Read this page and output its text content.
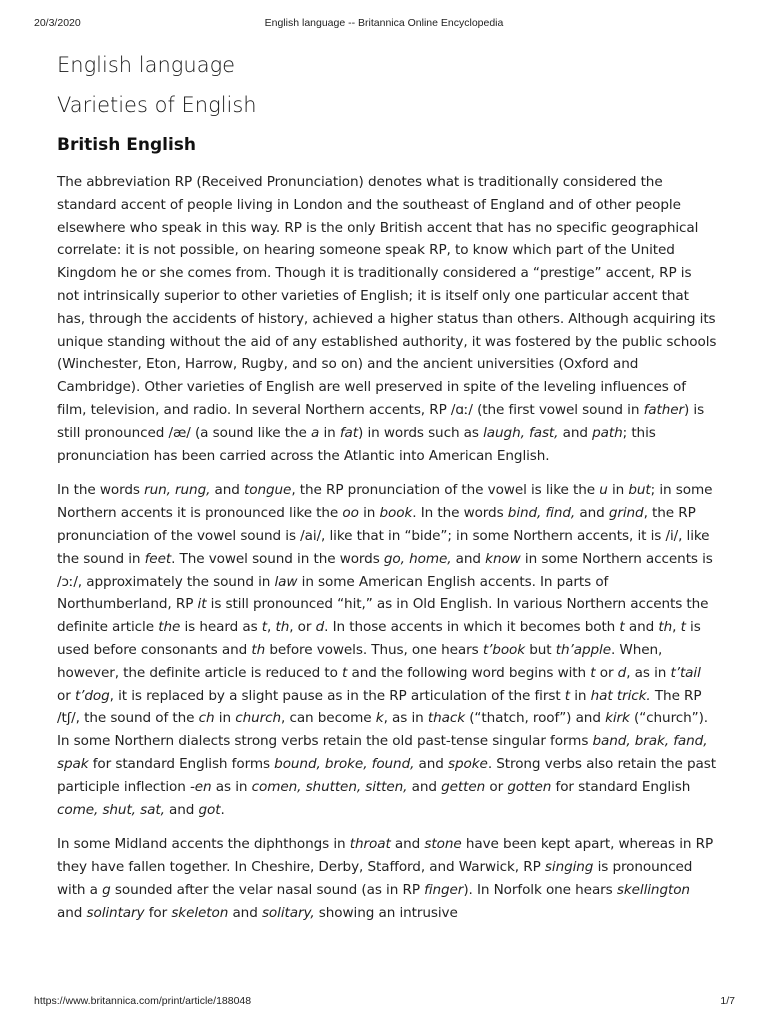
20/3/2020	English language -- Britannica Online Encyclopedia
English language
Varieties of English
British English

The abbreviation RP (Received Pronunciation) denotes what is traditionally considered the standard accent of people living in London and the southeast of England and of other people elsewhere who speak in this way. RP is the only British accent that has no specific geographical correlate: it is not possible, on hearing someone speak RP, to know which part of the United Kingdom he or she comes from. Though it is traditionally considered a “prestige” accent, RP is not intrinsically superior to other varieties of English; it is itself only one particular accent that has, through the accidents of history, achieved a higher status than others. Although acquiring its unique standing without the aid of any established authority, it was fostered by the public schools (Winchester, Eton, Harrow, Rugby, and so on) and the ancient universities (Oxford and Cambridge). Other varieties of English are well preserved in spite of the leveling influences of film, television, and radio. In several Northern accents, RP /ɑː/ (the first vowel sound in father) is still pronounced /æ/ (a sound like the a in fat) in words such as laugh, fast, and path; this pronunciation has been carried across the Atlantic into American English.

In the words run, rung, and tongue, the RP pronunciation of the vowel is like the u in but; in some Northern accents it is pronounced like the oo in book. In the words bind, find, and grind, the RP pronunciation of the vowel sound is /ai/, like that in “bide”; in some Northern accents, it is /i/, like the sound in feet. The vowel sound in the words go, home, and know in some Northern accents is /ɔː/, approximately the sound in law in some American English accents. In parts of Northumberland, RP it is still pronounced “hit,” as in Old English. In various Northern accents the definite article the is heard as t, th, or d. In those accents in which it becomes both t and th, t is used before consonants and th before vowels. Thus, one hears t’book but th’apple. When, however, the definite article is reduced to t and the following word begins with t or d, as in t’tail or t’dog, it is replaced by a slight pause as in the RP articulation of the first t in hat trick. The RP /tʃ/, the sound of the ch in church, can become k, as in thack (“thatch, roof”) and kirk (“church”). In some Northern dialects strong verbs retain the old past-tense singular forms band, brak, fand, spak for standard English forms bound, broke, found, and spoke. Strong verbs also retain the past participle inflection -en as in comen, shutten, sitten, and getten or gotten for standard English come, shut, sat, and got.

In some Midland accents the diphthongs in throat and stone have been kept apart, whereas in RP they have fallen together. In Cheshire, Derby, Stafford, and Warwick, RP singing is pronounced with a g sounded after the velar nasal sound (as in RP finger). In Norfolk one hears skellington and solintary for skeleton and solitary, showing an intrusive

https://www.britannica.com/print/article/188048	1/7
